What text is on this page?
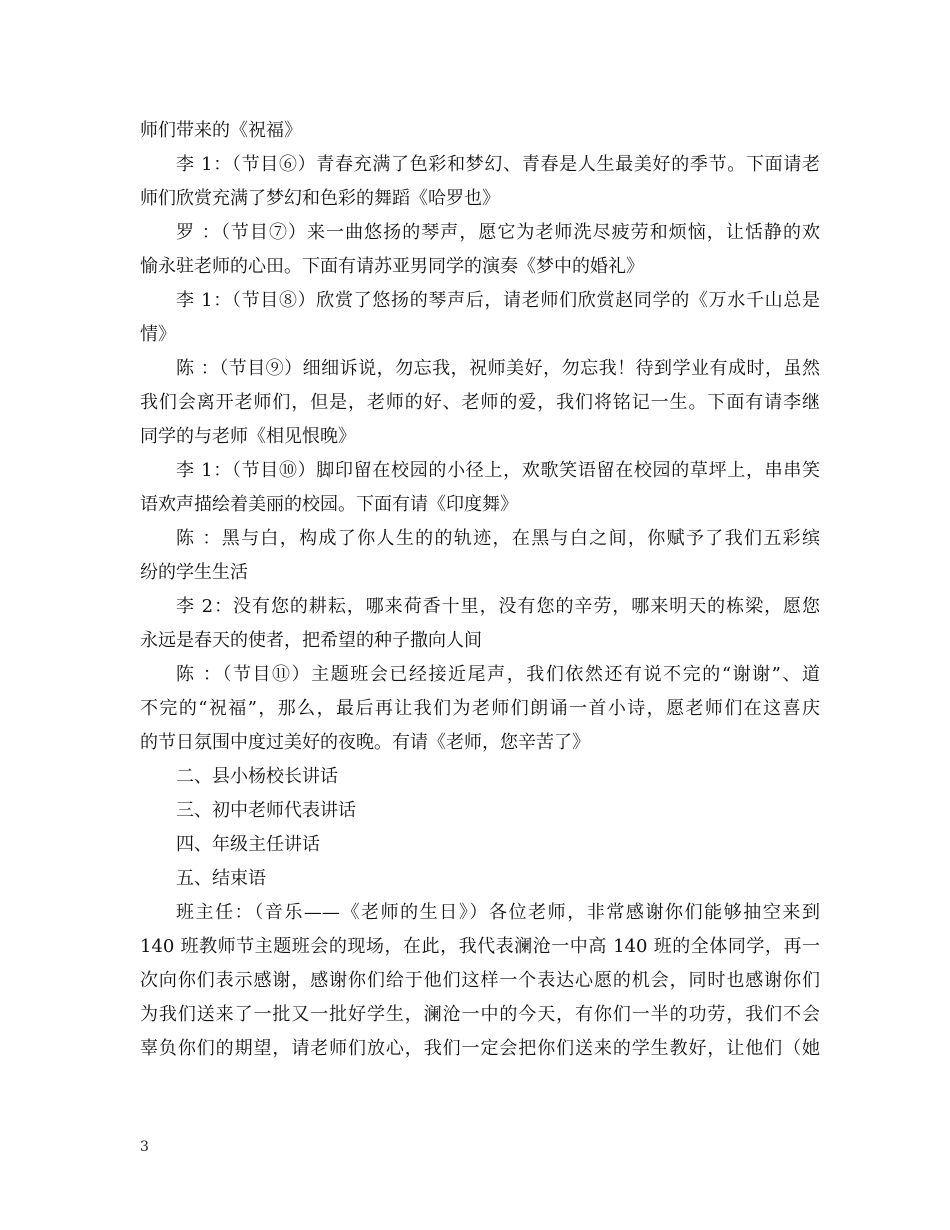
师们带来的《祝福》
李 1：（节目⑥）青春充满了色彩和梦幻、青春是人生最美好的季节。下面请老
师们欣赏充满了梦幻和色彩的舞蹈《哈罗也》
罗 ：（节目⑦）来一曲悠扬的琴声，愿它为老师洗尽疲劳和烦恼，让恬静的欢
愉永驻老师的心田。下面有请苏亚男同学的演奏《梦中的婚礼》
李 1：（节目⑧）欣赏了悠扬的琴声后，请老师们欣赏赵同学的《万水千山总是
情》
陈 ：（节目⑨）细细诉说，勿忘我，祝师美好，勿忘我！待到学业有成时，虽然
我们会离开老师们，但是，老师的好、老师的爱，我们将铭记一生。下面有请李继
同学的与老师《相见恨晚》
李 1：（节目⑩）脚印留在校园的小径上，欢歌笑语留在校园的草坪上，串串笑
语欢声描绘着美丽的校园。下面有请《印度舞》
陈 ：黑与白，构成了你人生的的轨迹，在黑与白之间，你赋予了我们五彩缤
纷的学生生活
李 2：没有您的耕耘，哪来荷香十里，没有您的辛劳，哪来明天的栋梁，愿您
永远是春天的使者，把希望的种子撒向人间
陈 ：（节目⑪）主题班会已经接近尾声，我们依然还有说不完的“谢谢”、道
不完的“祝福”，那么，最后再让我们为老师们朗诵一首小诗，愿老师们在这喜庆
的节日氛围中度过美好的夜晚。有请《老师，您辛苦了》
二、县小杨校长讲话
三、初中老师代表讲话
四、年级主任讲话
五、结束语
班主任：（音乐——《老师的生日》）各位老师，非常感谢你们能够抽空来到
140 班教师节主题班会的现场，在此，我代表澜沧一中高 140 班的全体同学，再一
次向你们表示感谢，感谢你们给于他们这样一个表达心愿的机会，同时也感谢你们
为我们送来了一批又一批好学生，澜沧一中的今天，有你们一半的功劳，我们不会
辜负你们的期望，请老师们放心，我们一定会把你们送来的学生教好，让他们（她
3
